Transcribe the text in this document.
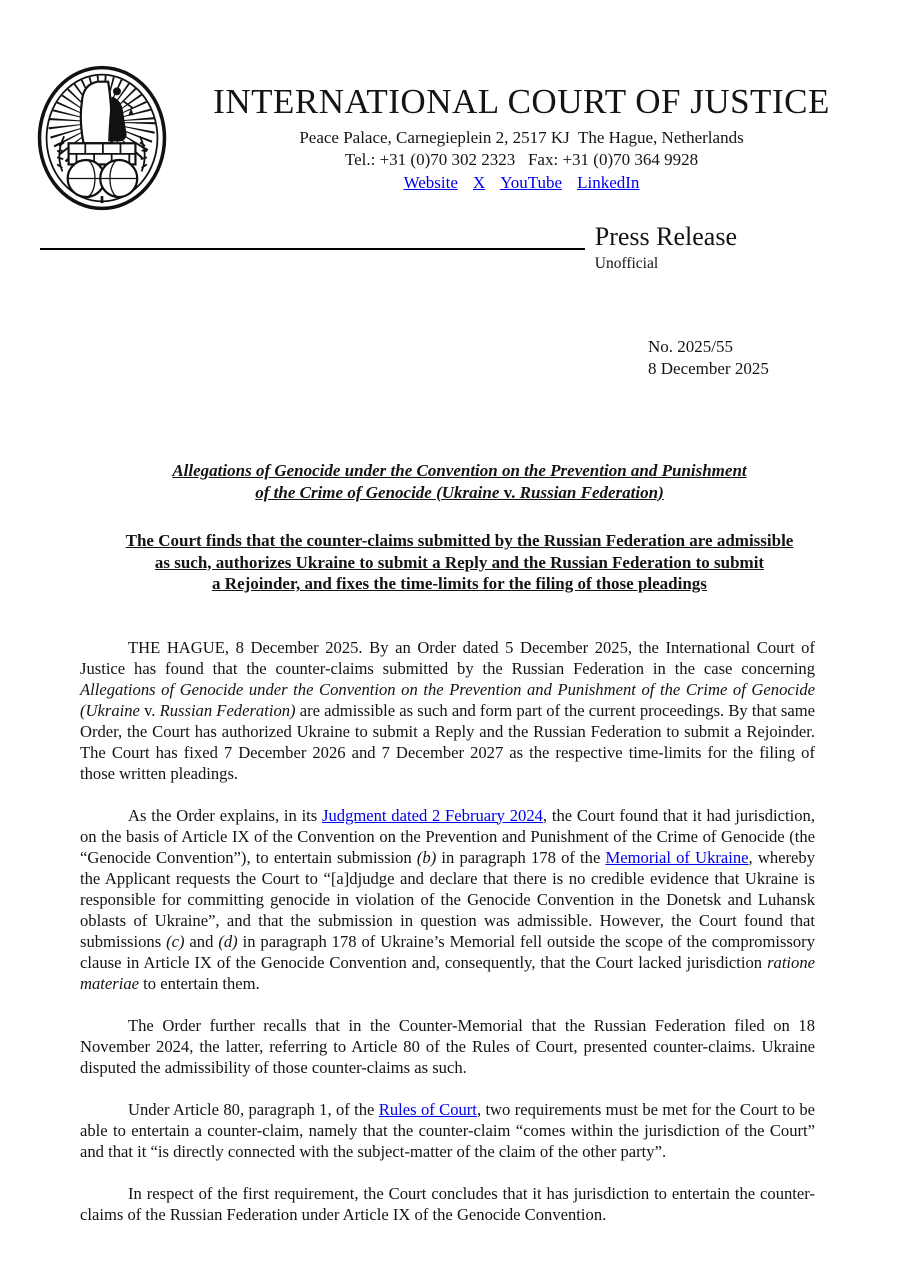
INTERNATIONAL COURT OF JUSTICE
Peace Palace, Carnegieplein 2, 2517 KJ  The Hague, Netherlands
Tel.: +31 (0)70 302 2323   Fax: +31 (0)70 364 9928
Website X YouTube LinkedIn
Press Release
Unofficial
No. 2025/55
8 December 2025
Allegations of Genocide under the Convention on the Prevention and Punishment
of the Crime of Genocide (Ukraine v. Russian Federation)
The Court finds that the counter-claims submitted by the Russian Federation are admissible
as such, authorizes Ukraine to submit a Reply and the Russian Federation to submit
a Rejoinder, and fixes the time-limits for the filing of those pleadings

THE HAGUE, 8 December 2025. By an Order dated 5 December 2025, the International Court of Justice has found that the counter-claims submitted by the Russian Federation in the case concerning Allegations of Genocide under the Convention on the Prevention and Punishment of the Crime of Genocide (Ukraine v. Russian Federation) are admissible as such and form part of the current proceedings. By that same Order, the Court has authorized Ukraine to submit a Reply and the Russian Federation to submit a Rejoinder. The Court has fixed 7 December 2026 and 7 December 2027 as the respective time-limits for the filing of those written pleadings.

As the Order explains, in its Judgment dated 2 February 2024, the Court found that it had jurisdiction, on the basis of Article IX of the Convention on the Prevention and Punishment of the Crime of Genocide (the “Genocide Convention”), to entertain submission (b) in paragraph 178 of the Memorial of Ukraine, whereby the Applicant requests the Court to “[a]djudge and declare that there is no credible evidence that Ukraine is responsible for committing genocide in violation of the Genocide Convention in the Donetsk and Luhansk oblasts of Ukraine”, and that the submission in question was admissible. However, the Court found that submissions (c) and (d) in paragraph 178 of Ukraine’s Memorial fell outside the scope of the compromissory clause in Article IX of the Genocide Convention and, consequently, that the Court lacked jurisdiction ratione materiae to entertain them.

The Order further recalls that in the Counter-Memorial that the Russian Federation filed on 18 November 2024, the latter, referring to Article 80 of the Rules of Court, presented counter-claims. Ukraine disputed the admissibility of those counter-claims as such.

Under Article 80, paragraph 1, of the Rules of Court, two requirements must be met for the Court to be able to entertain a counter-claim, namely that the counter-claim “comes within the jurisdiction of the Court” and that it “is directly connected with the subject-matter of the claim of the other party”.

In respect of the first requirement, the Court concludes that it has jurisdiction to entertain the counter-claims of the Russian Federation under Article IX of the Genocide Convention.
